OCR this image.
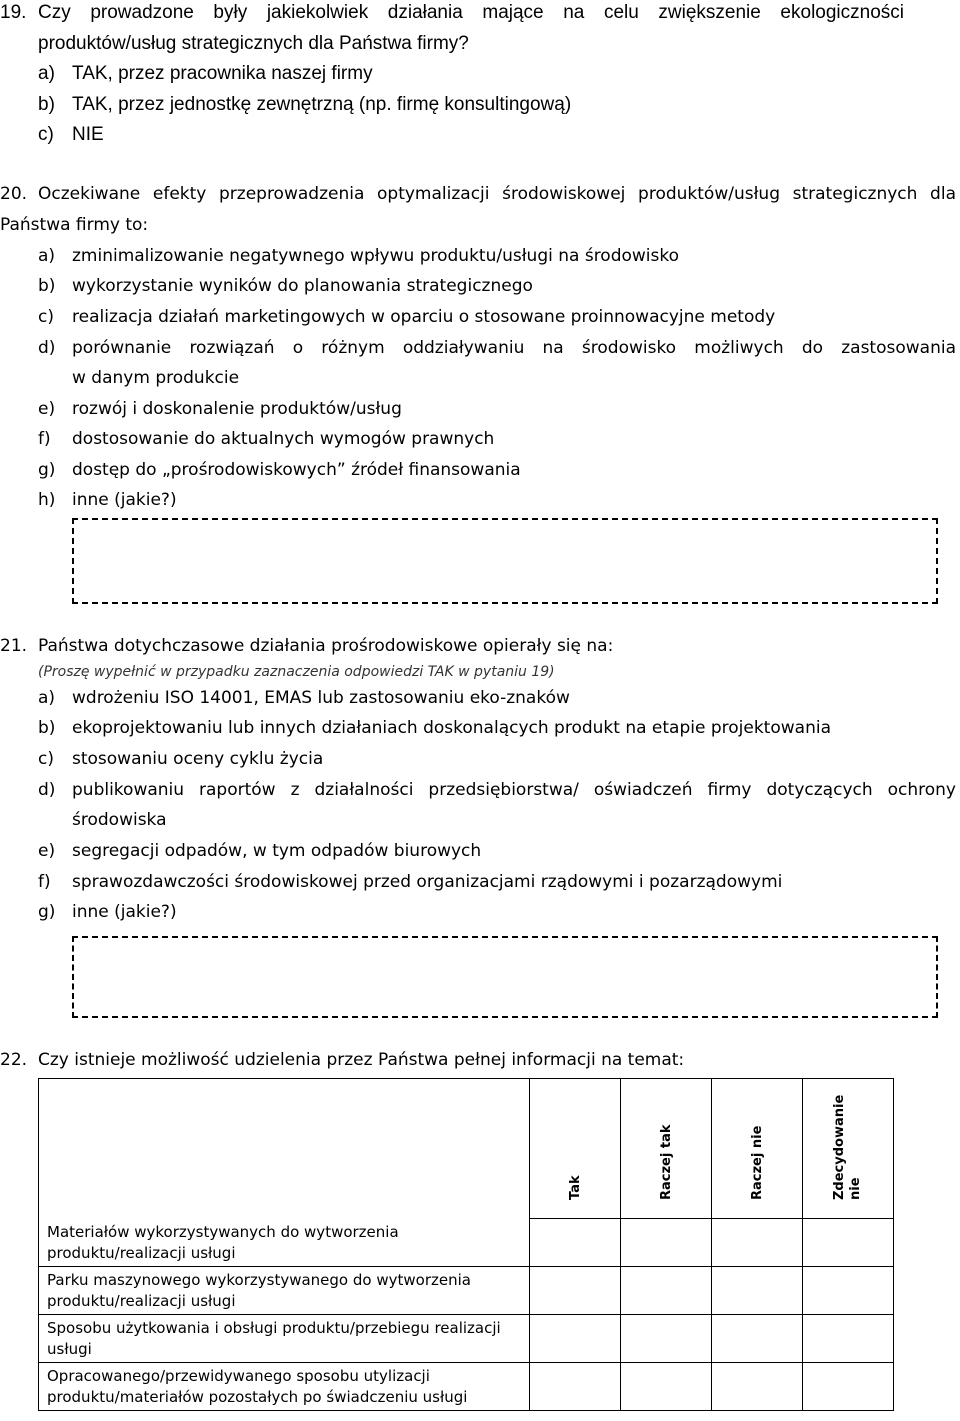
19. Czy prowadzone były jakiekolwiek działania mające na celu zwiększenie ekologiczności
produktów/usług strategicznych dla Państwa firmy?
a) TAK, przez pracownika naszej firmy
b) TAK, przez jednostkę zewnętrzną (np. firmę konsultingową)
c) NIE
20. Oczekiwane efekty przeprowadzenia optymalizacji środowiskowej produktów/usług strategicznych dla
Państwa firmy to:
a) zminimalizowanie negatywnego wpływu produktu/usługi na środowisko
b) wykorzystanie wyników do planowania strategicznego
c) realizacja działań marketingowych w oparciu o stosowane proinnowacyjne metody
d) porównanie rozwiązań o różnym oddziaływaniu na środowisko możliwych do zastosowania
w danym produkcie
e) rozwój i doskonalenie produktów/usług
f) dostosowanie do aktualnych wymogów prawnych
g) dostęp do „prośrodowiskowych” źródeł finansowania
h) inne (jakie?)
21. Państwa dotychczasowe działania prośrodowiskowe opierały się na:
(Proszę wypełnić w przypadku zaznaczenia odpowiedzi TAK w pytaniu 19)
a) wdrożeniu ISO 14001, EMAS lub zastosowaniu eko-znaków
b) ekoprojektowaniu lub innych działaniach doskonalących produkt na etapie projektowania
c) stosowaniu oceny cyklu życia
d) publikowaniu raportów z działalności przedsiębiorstwa/ oświadczeń firmy dotyczących ochrony
środowiska
e) segregacji odpadów, w tym odpadów biurowych
f) sprawozdawczości środowiskowej przed organizacjami rządowymi i pozarządowymi
g) inne (jakie?)
22. Czy istnieje możliwość udzielenia przez Państwa pełnej informacji na temat:

	Tak	Raczej tak	Raczej nie	Zdecydowanie
nie

Materiałów wykorzystywanych do wytworzenia produktu/realizacji usługi				

Parku maszynowego wykorzystywanego do wytworzenia produktu/realizacji usługi				

Sposobu użytkowania i obsługi produktu/przebiegu realizacji usługi				

Opracowanego/przewidywanego sposobu utylizacji produktu/materiałów pozostałych po świadczeniu usługi				
